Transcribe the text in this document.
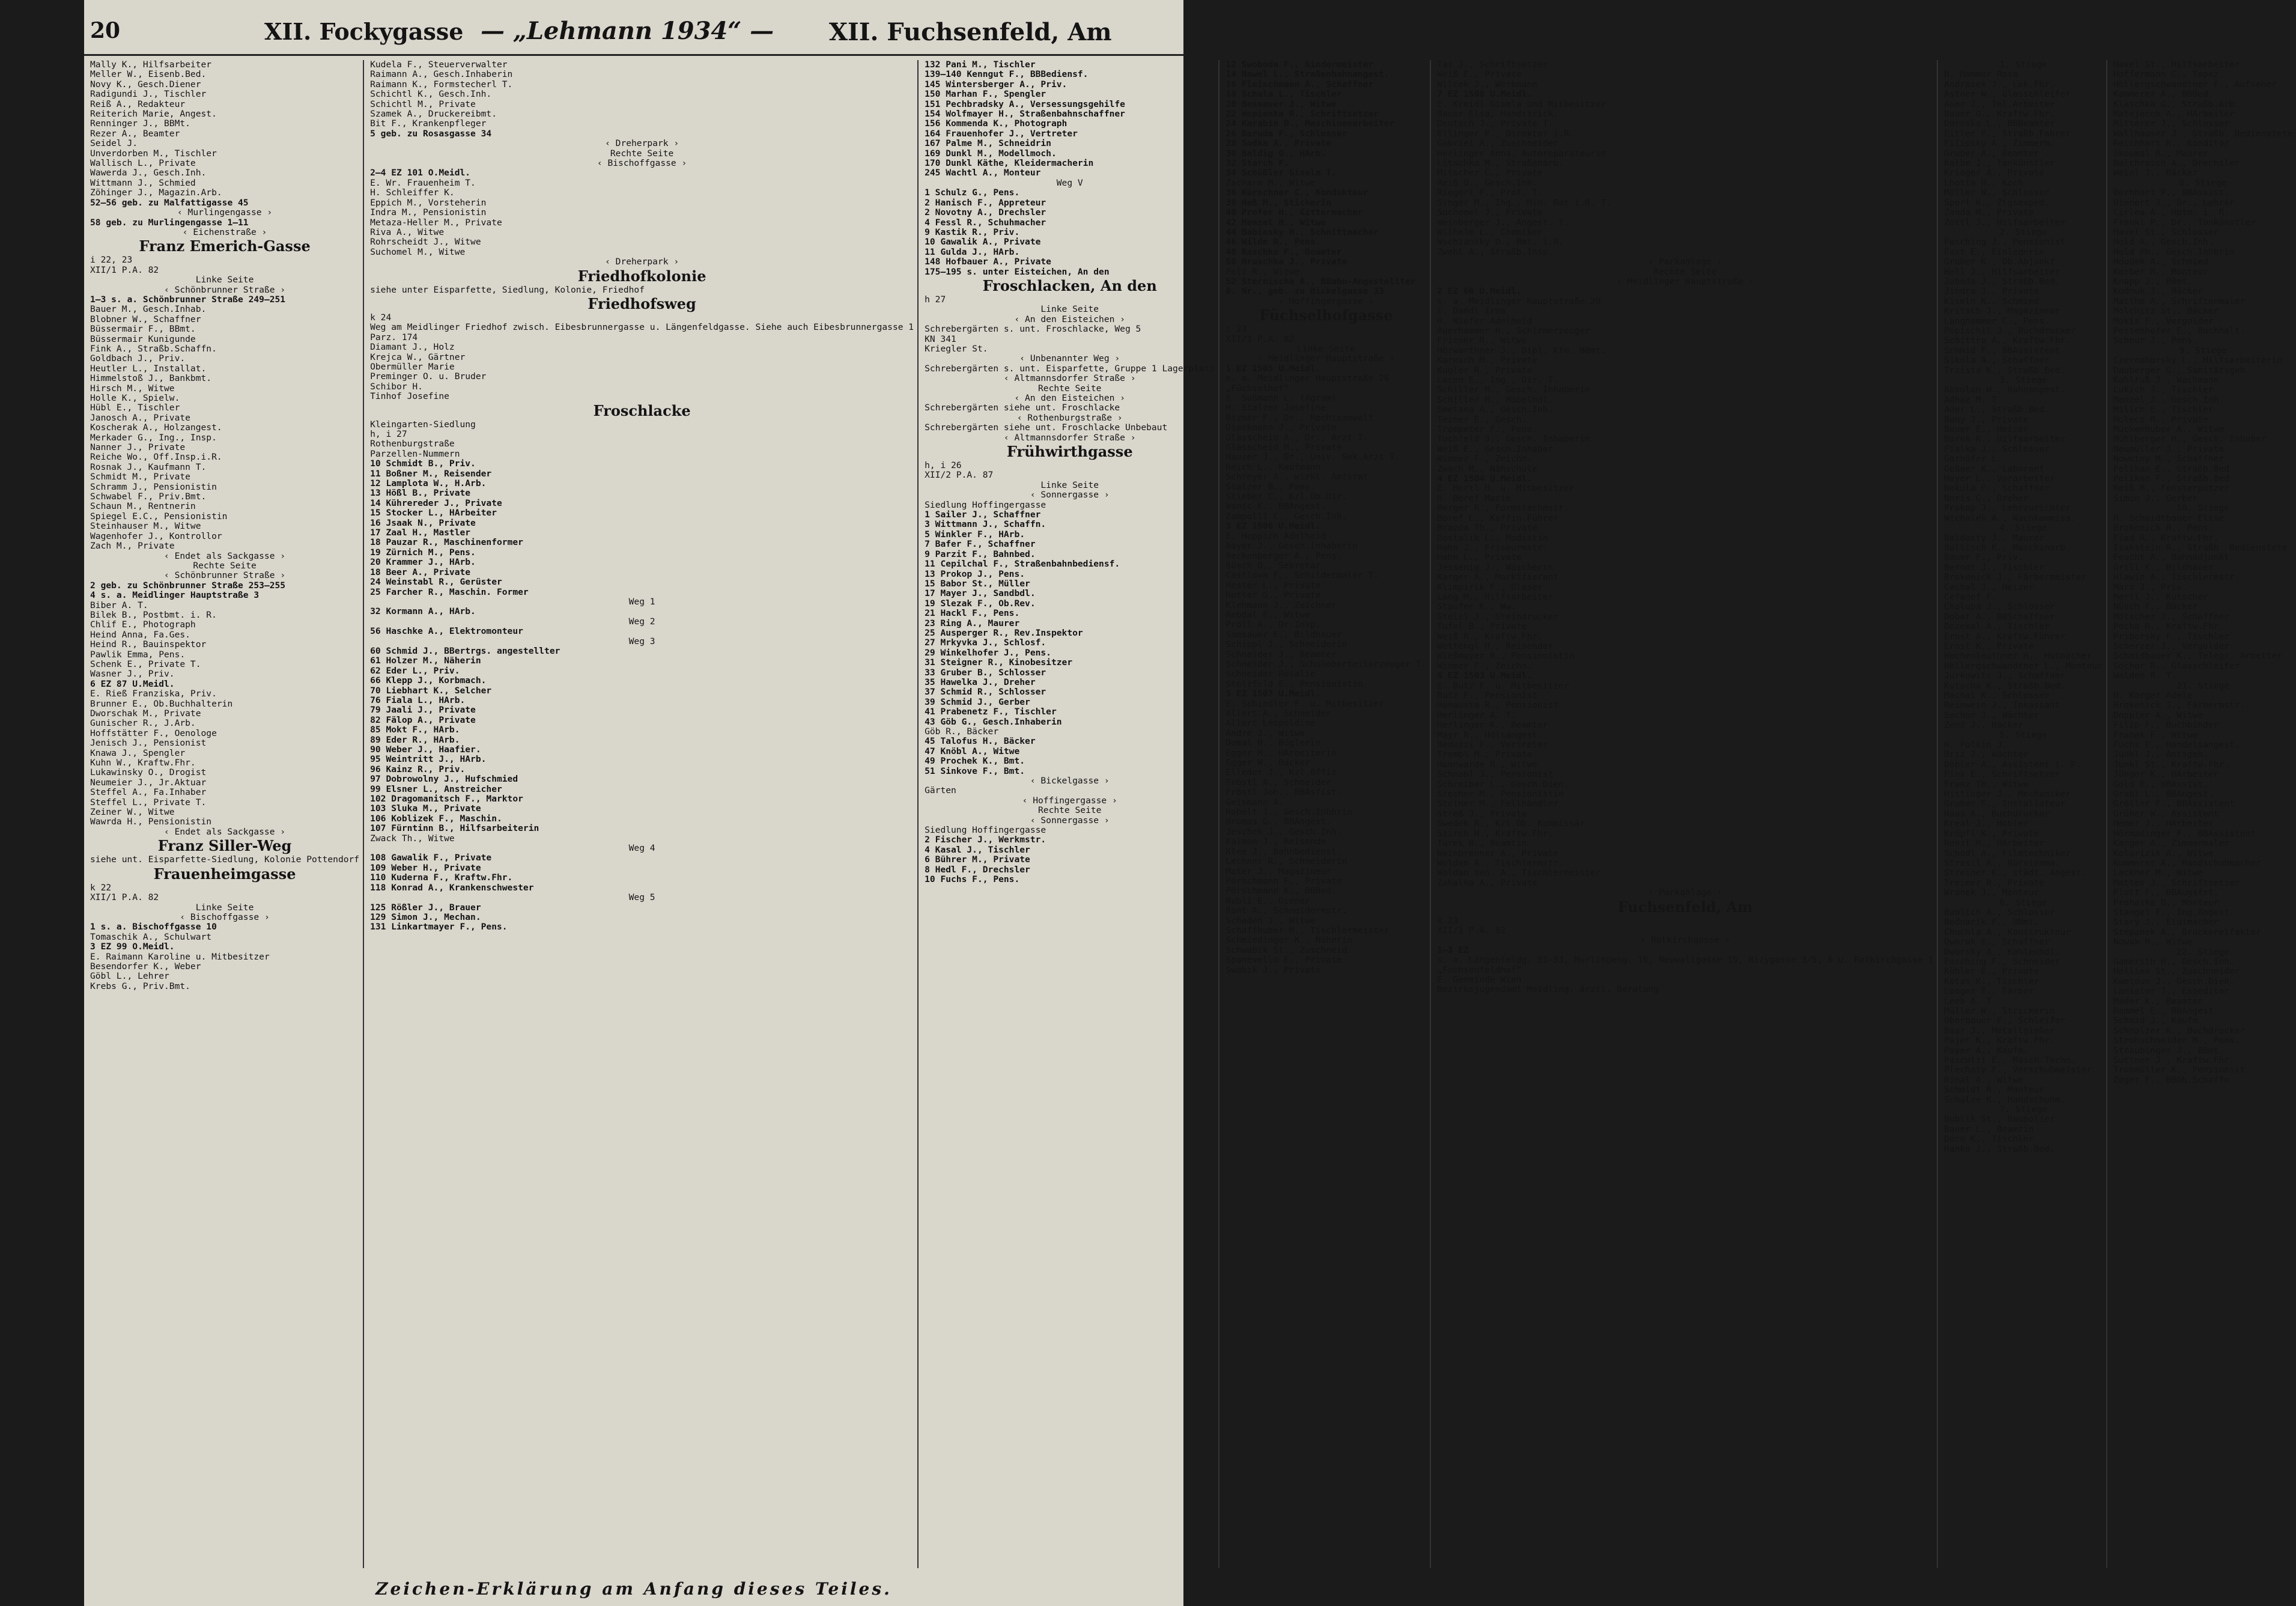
20	XII. Fockygasse — „Lehmann 1934“ — XII. Fuchsenfeld, Am
Mally K., Hilfsarbeiter
Meller W., Eisenb.Bed.
Novy K., Gesch.Diener
Radigundi J., Tischler
Reiß A., Redakteur
Reiterich Marie, Angest.
Renninger J., BBMt.
Rezer A., Beamter
Seidel J.
Unverdorben M., Tischler
Wallisch L., Private
Wawerda J., Gesch.Inh.
Wittmann J., Schmied
Zöhinger J., Magazin.Arb.
52—56 geb. zu Malfattigasse 45
‹ Murlingengasse ›
58 geb. zu Murlingengasse 1—11
‹ Eichenstraße ›
Franz Emerich-Gasse
i 22, 23
XII/1 P.A. 82
Linke Seite
‹ Schönbrunner Straße ›
1—3 s. a. Schönbrunner Straße 249—251
Bauer M., Gesch.Inhab.
Blobner W., Schaffner
Büssermair F., BBmt.
Büssermair Kunigunde
Fink A., Straßb.Schaffn.
Goldbach J., Priv.
Heutler L., Installat.
Himmelstoß J., Bankbmt.
Hirsch M., Witwe
Holle K., Spielw.
Hübl E., Tischler
Janosch A., Private
Koscherak A., Holzangest.
Merkader G., Ing., Insp.
Nanner J., Private
Reiche Wo., Off.Insp.i.R.
Rosnak J., Kaufmann T.
Schmidt M., Private
Schramm J., Pensionistin
Schwabel F., Priv.Bmt.
Schaun M., Rentnerin
Spiegel E.C., Pensionistin
Steinhauser M., Witwe
Wagenhofer J., Kontrollor
Zach M., Private
‹ Endet als Sackgasse ›
Rechte Seite
‹ Schönbrunner Straße ›
2 geb. zu Schönbrunner Straße 253—255
4 s. a. Meidlinger Hauptstraße 3
Biber A. T.
Bilek B., Postbmt. i. R.
Chlif E., Photograph
Heind Anna, Fa.Ges.
Heind R., Bauinspektor
Pawlik Emma, Pens.
Schenk E., Private T.
Wasner J., Priv.
6 EZ 87 U.Meidl.
E. Rieß Franziska, Priv.
Brunner E., Ob.Buchhalterin
Dworschak M., Private
Gunischer R., J.Arb.
Hoffstätter F., Oenologe
Jenisch J., Pensionist
Knawa J., Spengler
Kuhn W., Kraftw.Fhr.
Lukawinsky O., Drogist
Neumeier J., Jr.Aktuar
Steffel A., Fa.Inhaber
Steffel L., Private T.
Zeiner W., Witwe
Wawrda H., Pensionistin
‹ Endet als Sackgasse ›
Franz Siller-Weg
siehe unt. Eisparfette-Siedlung, Kolonie Pottendorf
Frauenheimgasse
k 22
XII/1 P.A. 82
Linke Seite
‹ Bischoffgasse ›
1 s. a. Bischoffgasse 10
Tomaschik A., Schulwart
3 EZ 99 O.Meidl.
E. Raimann Karoline u. Mitbesitzer
Besendorfer K., Weber
Göbl L., Lehrer
Krebs G., Priv.Bmt.
Kudela F., Steuerverwalter
Raimann A., Gesch.Inhaberin
Raimann K., Formstecherl T.
Schichtl K., Gesch.Inh.
Schichtl M., Private
Szamek A., Druckereibmt.
Bit F., Krankenpfleger
5 geb. zu Rosasgasse 34
‹ Dreherpark ›
Rechte Seite
‹ Bischoffgasse ›
2—4 EZ 101 O.Meidl.
E. Wr. Frauenheim T.
H. Schleiffer K.
Eppich M., Vorsteherin
Indra M., Pensionistin
Metaza-Heller M., Private
Riva A., Witwe
Rohrscheidt J., Witwe
Suchomel M., Witwe
‹ Dreherpark ›
Friedhofkolonie
siehe unter Eisparfette, Siedlung, Kolonie, Friedhof
Friedhofsweg
k 24
Weg am Meidlinger Friedhof zwisch. Eibesbrunnergasse u. Längenfeldgasse. Siehe auch Eibesbrunnergasse 1
Parz. 174
Diamant J., Holz
Krejca W., Gärtner
Obermüller Marie
Preminger O. u. Bruder
Schibor H.
Tinhof Josefine
Froschlacke
Kleingarten-Siedlung
h, i 27
Rothenburgstraße
Parzellen-Nummern
10 Schmidt B., Priv.
11 Boßner M., Reisender
12 Lamplota W., H.Arb.
13 Hößl B., Private
14 Kührereder J., Private
15 Stocker L., HArbeiter
16 Jsaak N., Private
17 Zaal H., Mastler
18 Pauzar R., Maschinenformer
19 Zürnich M., Pens.
20 Krammer J., HArb.
18 Beer A., Private
24 Weinstabl R., Gerüster
25 Farcher R., Maschin. Former
Weg 1
32 Kormann A., HArb.
Weg 2
56 Haschke A., Elektromonteur
Weg 3
60 Schmid J., BBertrgs. angestellter
61 Holzer M., Näherin
62 Eder L., Priv.
66 Klepp J., Korbmach.
70 Liebhart K., Selcher
76 Fiala L., HArb.
79 Jaali J., Private
82 Fälop A., Private
85 Mokt F., HArb.
89 Eder R., HArb.
90 Weber J., Haafier.
95 Weintritt J., HArb.
96 Kainz R., Priv.
97 Dobrowolny J., Hufschmied
99 Elsner L., Anstreicher
102 Dragomanitsch F., Marktor
103 Sluka M., Private
106 Koblizek F., Maschin.
107 Fürntinn B., Hilfsarbeiterin
Zwack Th., Witwe
Weg 4
108 Gawalik F., Private
109 Weber H., Private
110 Kuderna F., Kraftw.Fhr.
118 Konrad A., Krankenschwester
Weg 5
125 Rößler J., Brauer
129 Simon J., Mechan.
131 Linkartmayer F., Pens.
132 Pani M., Tischler
139—140 Kenngut F., BBBediensf.
145 Wintersberger A., Priv.
150 Marhan F., Spengler
151 Pechbradsky A., Versessungsgehilfe
154 Wolfmayer H., Straßenbahnschaffner
156 Kommenda K., Photograph
164 Frauenhofer J., Vertreter
167 Palme M., Schneidrin
169 Dunkl M., Modellmoch.
170 Dunkl Käthe, Kleidermacherin
245 Wachtl A., Monteur
Weg V
1 Schulz G., Pens.
2 Hanisch F., Appreteur
2 Novotny A., Drechsler
4 Fessl R., Schuhmacher
9 Kastik R., Priv.
10 Gawalik A., Private
11 Gulda J., HArb.
148 Hofbauer A., Private
175—195 s. unter Eisteichen, An den
Froschlacken, An den
h 27
Linke Seite
‹ An den Eisteichen ›
Schrebergärten s. unt. Froschlacke, Weg 5
KN 341
Kriegler St.
‹ Unbenannter Weg ›
Schrebergärten s. unt. Eisparfette, Gruppe 1 Lagerplatz
‹ Altmannsdorfer Straße ›
Rechte Seite
‹ An den Eisteichen ›
Schrebergärten siehe unt. Froschlacke
‹ Rothenburgstraße ›
Schrebergärten siehe unt. Froschlacke Unbebaut
‹ Altmannsdorfer Straße ›
Frühwirthgasse
h, i 26
XII/2 P.A. 87
Linke Seite
‹ Sonnergasse ›
Siedlung Hoffingergasse
1 Sailer J., Schaffner
3 Wittmann J., Schaffn.
5 Winkler F., HArb.
7 Bafer F., Schaffner
9 Parzit F., Bahnbed.
11 Cepilchal F., Straßenbahnbediensf.
13 Prokop J., Pens.
15 Babor St., Müller
17 Mayer J., Sandbdl.
19 Slezak F., Ob.Rev.
21 Hackl F., Pens.
23 Ring A., Maurer
25 Ausperger R., Rev.Inspektor
27 Mrkyvka J., Schlosf.
29 Winkelhofer J., Pens.
31 Steigner R., Kinobesitzer
33 Gruber B., Schlosser
35 Hawelka J., Dreher
37 Schmid R., Schlosser
39 Schmid J., Gerber
41 Prabenetz F., Tischler
43 Göb G., Gesch.Inhaberin
Göb R., Bäcker
45 Talofus H., Bäcker
47 Knöbl A., Witwe
49 Prochek K., Bmt.
51 Sinkove F., Bmt.
‹ Bickelgasse ›
Gärten
‹ Hoffingergasse ›
Rechte Seite
‹ Sonnergasse ›
Siedlung Hoffingergasse
2 Fischer J., Werkmstr.
4 Kasal J., Tischler
6 Bührer M., Private
8 Hedl F., Drechsler
10 Fuchs F., Pens.
12 Swoboda F., Bindermeister
14 Hawel L., Straßenbahnangest.
16 Fleischmann A., Schaffner
18 Schula L., Tischler
20 Bessauer J., Witwe
22 Wopienka R., Schriftsetzer
24 Karabin D., Maschinenarbeiter
26 Beruda F., Schlosser
28 Sodka A., Private
30 Baldig G., HArb.
32 Starch F.
34 Schüßler Gisela T.
Zachara M., Witwe
36 Kürschner C., Kondukteur
38 Heß M., Stickerin
40 Profer H., Gittermacher
42 Menzel H., Witwe
44 Babinsky H., Schnittmacher
46 Wilde R., Pens.
48 Raschke F., Beamter
50 Hruschka J., Private
Pelz R., Witwe
52 Sternischa A., BBahn-Angestellter
0. Nr., geb. zu Bickelgasse 33
‹ Hoffingergasse ›
Füchselhofgasse
i 23
XII/1 P.A. 82
Linke Seite
‹ Meidlinger Hauptstraße ›
1 EZ 1505 U.Meidl.
s. a. Meidlinger Hauptstraße 26
„Füchselhof“
E. Sußmann L. (Agram)
H. Stalzer Josefine
Bizner F., Dr., Rechtsanwalt
Dieckmann J., Private
Glasscheid A., Dr., Arzt T.
Glasscheid M., Private
Hauser J., Dr., Univ. Sek.Arzt T.
Reich L., Kaufmann
Schreyer A., wirkl. Amtsrat
Stalzer B., Pens.
Stieber C., Kzl.Ob.Dir.
Wanic K., BBAngest.
Zampolli C., Gesch.Inh.
3 EZ 1506 U.Meidl.
E. Heppich Adelheid
Bayer J., Gesch.Inhaberin
Beckenberger A., Pens.
Büsch D., Sekretär
Castlova F., Schildermaler T.
Hester L., Private
Hutter G., Private
Klehmann J., Zeichner
Rebdal E., Witwe
Proll A., Dr.Insp.
Samsauer E., Bildhauer
Schippl J., Schneiderin
Schneider J., Beamter
Schneider J., Schuhoberteilerzeuger T.
Schneider Rosalie
Stelzfeld E., Pensionistin
5 EZ 1507 U.Meidl.
E. Schindler F. u. Mitbesitzer
Allert A., Schneider
Allert Leopoldine
André J., Witwe
Domal B., Büglerin
Egger M., HArbeiterin
Egger W., Bäcker
Elleder J., Kzl.Offiz
Fröstl A., Schneider
Fröstl Joh., BBAsfist.
Geismann A.
Habelt J., Gesch.Inhbrin
Hromas G., BBAngest.
Jeschek J., Gesch.Inh.
Kalman J., Reisende
Klee J., Bahnbedienst.
Lechner R., Schneiderin
Mater J., Magazineur
Pörschmann F., Private
Pörschmann K., BBBed.
Rubli E., Diener
Rant A., Schneidermstr.
Schaden J., Witwe
Schaffhuber M., Tischlermeister
Schmiedinger K., Näherin
Schwabik St., Zuschneid.
Spanevello E., Private
Swabik J., Private
Taz J., Schriftsetzer
Weiß E., Private
Wilcek J., Werkmann
7 EZ 1508 U.Meidl.
E. Kreidl Gisela und Mitbesitzer
Bauer Elsa, Handstrick.
Deutsch J., Private T.
Ellinger F., Direktor i.R.
Gabriel A., Zuschneider
Herlinger Anna, Autoreparateurin
Litschka M., Straßenarb.
Mitscher C., Private
Reiß O., Gesch.Inh.
Riegerl F., Prof. T.
Singer M., Ing., Min. Rat i.R. T.
Suchomel J., Private
Weinberger J., Angest. T.
Wilhelm L., Chemiker
Wschiansky O., Bmt. i.R.
Zwehl A., Straßb.Insp.
‹ Parkanlage ›
Rechte Seite
‹ Meidlinger Hauptstraße ›
2 EZ 66 U.Meidl.
s. a. Meidlinger Hauptstraße 20
E. Dandl Irma
H. Wiefer Adelheid
Auerhammer H., Schirmerzeuger
Frieser R., Witwe
Hörwarthner J., Dipl. Kfm. BBmt.
Karesch M., Private
Kugler R., Private
Lacen E., Ing., Dir. T.
Schiller M., Gesch. Inhaberin
Schiller M., Möbelhdl.
Smetana A., Gesch.Inh.
Tezner E., Gesch.
Trompeter F., Pens.
Tuchfeld J., Gesch. Inhaberin
Weiß E., Gesch.Inhaber
Wimmer F., Zeichn.
Zwach M., Nähschule
4 EZ 1504 U.Meidl.
E. Hertl H. u. Mitbesitzer
H. Boref Marie
Berger R., Formstechmstr.
Boref L., Kaffin.Führer
Brazda Th., Private
Dostalik L., Modistin
Hahn J., Friseurmstr.
Hahn L., Private
Jessenig J., Wäscherin
Karger A., Marktfierant
Klimpirik F., Glaser
Lang M., Hilfsarbeiter
Staufer K., Ww.
Stelzl J., Steindrucker
Tufel B., Private
Weiß R., Kraftw.Fhr.
Wettengl H., Reisender
Wießmayer R., Pensionistin
Wimmer F., Zeichn.
6 EZ 1503 U.Meidl.
E. Butz F. u. Mitbesitzer
Butz F., Pensionist
Hanausta R., Pensionist
Herlinger A. T.
Herlinger K., Beamter
Mayr R., Hdlsangest.
Beduzzi F., Vertreter
Trembl M., Private
Hannwarde R., Witwe
Schnabl J., Pensionist
Schreiber L., Gesch.Dien.
Stecher M., Pensionistin
Steiner M., Fellhändler
Streß J., Private
Swedek R., Kzl.Ob. Kommissär
Szirch H., Kraftw.Fhr.
Turek B., Beamtin
Weinbrenner A., Private
Woldan A., Tischlermstr.
Woldan sen. A., Tischlermeister
Zahalka A., Private
‹ Parkanlage ›
Fuchsenfeld, Am
k 23
XII/1 P.A. 82
‹ Rotkirchgasse ›
1—3 EZ
s. a. Längenfeldg. 31—33, Murlingeng. 16, Neuwallgasse 15, Rizygasse 3/5, 6 u. Rotkirchgasse 1
„Fuchsenfeldhof“
E. Gemeinde Wien
Bezirksjugendamt Meidling, ärztl. Beratung
1. Stiege
H. Hammer Rosa
Andrasek J., Lok.Fhr.
Astner W., Glasschleifer
Auer J., Tel.Arbeiter
Bauer G., Kraftw.Fhr.
Doroska L., BBBeamter
Eitler F., Straßb.Fahrer
Filipsky A., Zimmerm.
Gruber A., Beamter
Kolbe J., Tonkünstler
Krieger A., Private
Lhotta H., Koch
Müller W., Schlosser
Sperl K., Ztgsexped.
Zanda M., Private
Zottl J., Hilfsarbeiter
2. Stiege
Fasching J., Pensionist
Fast E., Einlegerin
Gruber K., Ob.Abjunkt
Hell J., Hilfsarbeiter
Jaboda J., Straßb.Bed.
Jindra J., Private
Kiseln K., Schmied
Kritsch J., Magazineur
Langhammer C., Pens.
Popischil J., Buchdrucker
Schittra A., Kraftw.Fhr.
Schmid F., BBAssistent
Sikola A., Schaffner
Trzista K., Straßb.Bed.
3. Stiege
Absolon W., Bahnangest.
Adhaz M. T
Ader L., Straßb.Bed.
Bany J., Private
Bauer E., Heizer
Borek K., Hilfsarbeiter
Fialka J., Schlosser
Garhöfer L.
Geßner K., Laborant
Mayer L., Vorarbeiter
Nekula F., Schaffner
Noris G., Dreher
Prokop J., Lehrzurichter
Wichalek A., Wachkommiss.
4. Stiege
Baldasty J., Maurer
Ballisch K., Maschinarb.
Bauer F., Priv.
Berndt J., Tischler
Brokenick J., Färbermeister
Cechal J., Heizer
Cefanef F.
Chalupa J., Schlosser
Dobat A., BBSchaffner
Dozekal A., Tischler
Ernst A., Kraftw.Führer
Ernst K., Private
Hochenleuthner H., Hutmacher
Höllergschwandtner L., Monteur
Jurkowitz J., Schaffner
Kutscha K., Straßb.Bed.
Machal K., Schlosser
Reinwein J., Inkassant
Sochor J., Wächter
Zenz J., Bäcker
5. Stiege
H. Folkin J.
Briz J., Wächter
Dobler A., Assistent i. P.
Fink E., Schriftsetzer
Franz Th., Witwe
Hittinger J., Mechaniker
Gruber F., Installateur
Haas A., Buchdrucker
Kreal J., Hobler
Kröpfl K., Private
Renzl M., HArbeiter
Schödl A., Filmtechniker
Strasil A., Bürstenma.
Streiner K., städt. Angest.
Treimer R., Private
Wranek J., Monteur
6. Stiege
Bablich A., Schlosser
Bednarik F., BBmt.
Chuchla A., Konstrukteur
Dworak E., Schaffner
Dworsky A., Kohlenhdl.
Fasching F., Schneider
Köhler E., Private
Kotas K., Tischler
Langer F., Färber
Leeb A. T
Müller W., Strickerin
Oberbauer F., Schleifer
Baar J., Metallgießer
Pajer K., Kraftw.Fhr.
Payer A., Kaufm.
Pascutti E., Masch.Techn.
Plechaty F., Verschubmeister
Rinal A., Witwe
Schmidt R., Monteur
Schulze K., Handschuhm.
7. Stiege
Bublik St., Baupolier
Bauer L., Beamtin
Dorn K., Tischler
Hanko J., Straßb.Bed.
Havel St., Hilfsarbeiter
Hoffermann C., Tapez.
Höllergschwandtner F., Aufseher
Kammerer A., BBBed.
Klaschka G., Straßb.Arb.
Matejecek A., HArbeiter
Mitterer J., Schlosser
Wallhauser J., Straßb. Bedienstete
Reichhart K., Konditor
Skoumal R., Maurer
Balchrasch A., Drechsler
Weinl J., Bäcker
8. Stiege
Bernhart P., BBAssist.
Bienert J., Dr., Lehrer
Cirlea A., Hptm. i. R.
Frankl P., Dr., Tonkünstler
Havel St., Schlosser
Hold A., Gesch.Inh.
Hold Ph., Gesch.Inhbrin
Houdek A., Schmied
Kerber R., Monteur
Knapp J., BBmt.
Kodnuk J., Bäcker
Matthe A., Schriftenmaler
Molchitz St., Bäcker
Mokis F., Vergolder
Pestenhofer E., Buchhalt.
Schnur J., Pens.
9. Stiege
Czernohorsky L., Hilfsarbeiterin
Dauberger G., Sanitätsgeh.
Kohlruß J., Wachmann
Lukich J., Tischler
Menzel J., Gesch.Inh.
Milich E., Tischler
Molecz R., Private
Muckenhuber A., Witwe
Mühlberger H., Gesch. Inhaber
Neumüller J., Private
Nowotny M., Schaffner
Pelikan E., Straßb.Bed
Pelikan F., Straßb.Bed
Reiß M., Fensterputzer
Simon J., Gerber
10. Stiege
H. Schmidtbauer Elise
Brokenick R., Pens.
Fiad R., Kraftw.Fhr.
Isakstein R., Straßb. Bedienstete
Feucht A., Bahnadjunkt
Grill K., Bildhauer
Hlawin A., Tischlermstr.
Marz J., Priv.
Mertl J., Kutscher
Nüsch F., Bäcker
Mötscher J., Schaffner
Pecha R., Kraftw.Fhr.
Priborsky F., Tischler
Scherzer J., Vergolder
Schmidbauer K., Telegr. Arbeiter
Sochor R., Glasschleifer
Walden R. T.
21. Stiege
H. Korger Adele
Brokenick J., Färbermstr.
Doppler A., Witwe
Filip F., Buchbinder
Franek F., Witwe
Fuchs E., Handelsangest.
Junkl J., Amtsgeh.
Junkl St., Kraftw.Fhr.
Jünger K., HArbeiter
Gold E., BBAssist.
Grabl L., BBAngest.
Gröller F., BBAssistent
Grüner W., Assistent
Hemer J., HArbeiter
Hörmadinger F., BBAssistent
Karger A., Zimmermaler
Kolarizik A., Witwe
Kummerer A., Handschuhmacher
Lackner M., Witwe
Mattes J., Schriftsetzer
Plott F., BBAugsfrt.
Prohaska O., Monteur
Stangel F., Ing.Angest.
Stary J., Etuimacher
Stepanek A., Druckereifaktor
Nowak M., Witwe
22. Stiege
Gamerith H., Gesch.Inh.
Hellies St., Zuschneider
Kwetoun J., Gesch.Dien.
Lanialor J., Expeditor
Mader K., Beamter
Rammel E., BBAngest.
Schmid J., Kaufm.
Schnalzer K., Buchdrucker
Strohschneider M., Pens.
Straubinger J., BBmt.
Suttner J., Kraftw.Fhr.
Trobmüller K., Pensionist
Zeger F., BBOb.Schaffn.
Zeichen-Erklärung am Anfang dieses Teiles.
